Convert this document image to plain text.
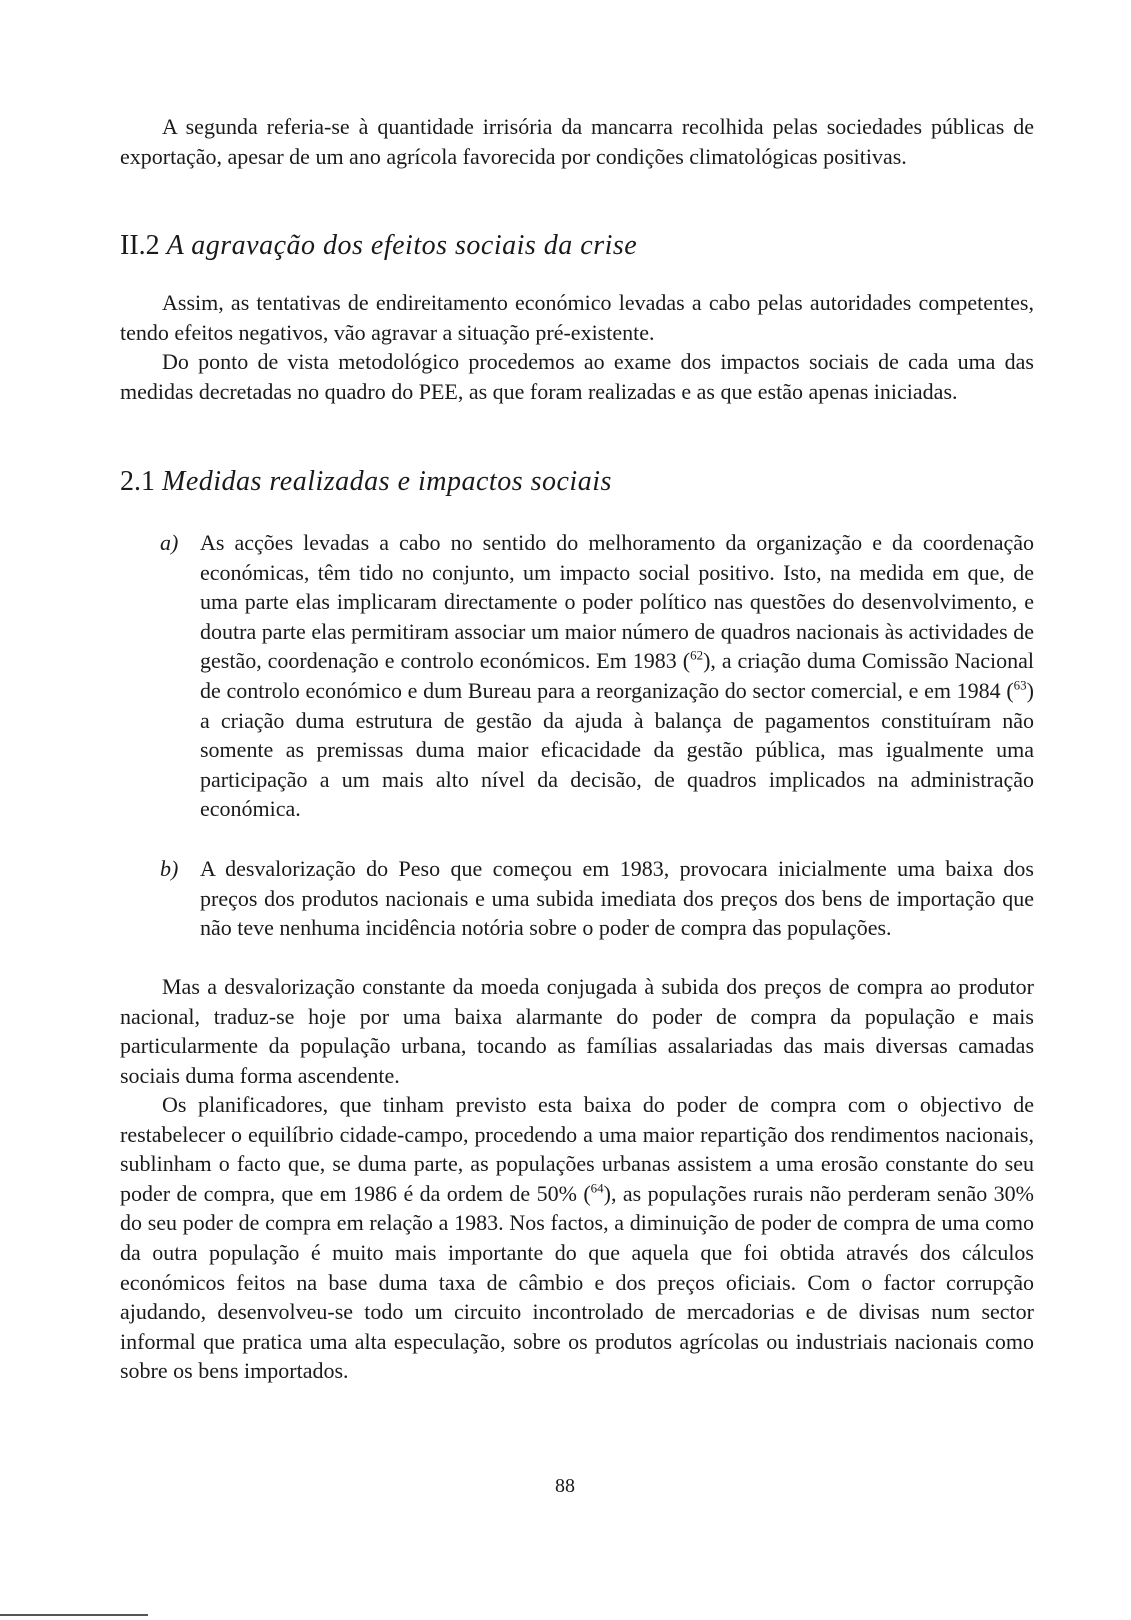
A segunda referia-se à quantidade irrisória da mancarra recolhida pelas sociedades públicas de exportação, apesar de um ano agrícola favorecida por condições climatológicas positivas.

II.2 A agravação dos efeitos sociais da crise

Assim, as tentativas de endireitamento económico levadas a cabo pelas autoridades competentes, tendo efeitos negativos, vão agravar a situação pré-existente.

Do ponto de vista metodológico procedemos ao exame dos impactos sociais de cada uma das medidas decretadas no quadro do PEE, as que foram realizadas e as que estão apenas iniciadas.

2.1 Medidas realizadas e impactos sociais
a) As acções levadas a cabo no sentido do melhoramento da organização e da coordenação económicas, têm tido no conjunto, um impacto social positivo. Isto, na medida em que, de uma parte elas implicaram directamente o poder político nas questões do desenvolvimento, e doutra parte elas permitiram associar um maior número de quadros nacionais às actividades de gestão, coordenação e controlo económicos. Em 1983 ($^{62}$), a criação duma Comissão Nacional de controlo económico e dum Bureau para a reorganização do sector comercial, e em 1984 ($^{63}$) a criação duma estrutura de gestão da ajuda à balança de pagamentos constituíram não somente as premissas duma maior eficacidade da gestão pública, mas igualmente uma participação a um mais alto nível da decisão, de quadros implicados na administração económica.
b) A desvalorização do Peso que começou em 1983, provocara inicialmente uma baixa dos preços dos produtos nacionais e uma subida imediata dos preços dos bens de importação que não teve nenhuma incidência notória sobre o poder de compra das populações.

Mas a desvalorização constante da moeda conjugada à subida dos preços de compra ao produtor nacional, traduz-se hoje por uma baixa alarmante do poder de compra da população e mais particularmente da população urbana, tocando as famílias assalariadas das mais diversas camadas sociais duma forma ascendente.

Os planificadores, que tinham previsto esta baixa do poder de compra com o objectivo de restabelecer o equilíbrio cidade-campo, procedendo a uma maior repartição dos rendimentos nacionais, sublinham o facto que, se duma parte, as populações urbanas assistem a uma erosão constante do seu poder de compra, que em 1986 é da ordem de 50% ($^{64}$), as populações rurais não perderam senão 30% do seu poder de compra em relação a 1983. Nos factos, a diminuição de poder de compra de uma como da outra população é muito mais importante do que aquela que foi obtida através dos cálculos económicos feitos na base duma taxa de câmbio e dos preços oficiais. Com o factor corrupção ajudando, desenvolveu-se todo um circuito incontrolado de mercadorias e de divisas num sector informal que pratica uma alta especulação, sobre os produtos agrícolas ou industriais nacionais como sobre os bens importados.

88
